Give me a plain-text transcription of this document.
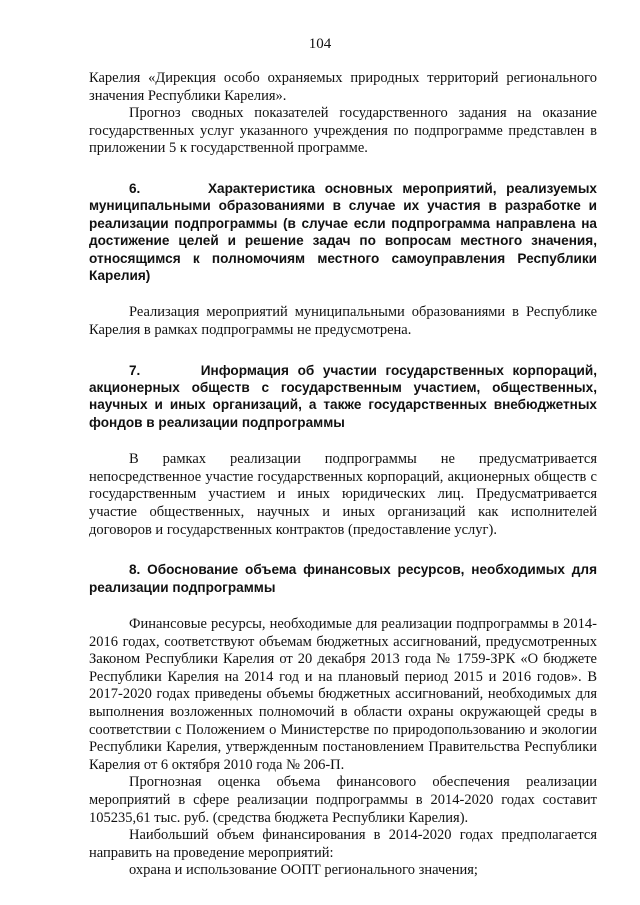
104

Карелия «Дирекция особо охраняемых природных территорий регионального значения Республики Карелия».

Прогноз сводных показателей государственного задания на оказание государственных услуг указанного учреждения по подпрограмме представлен в приложении 5 к государственной программе.

6.       Характеристика основных мероприятий, реализуемых муниципальными образованиями в случае их участия в разработке и реализации подпрограммы (в случае если подпрограмма направлена на достижение целей и решение задач по вопросам местного значения, относящимся к полномочиям местного самоуправления Республики Карелия)

Реализация мероприятий муниципальными образованиями в Республике Карелия в рамках подпрограммы не предусмотрена.

7.       Информация об участии государственных корпораций, акционерных обществ с государственным участием, общественных, научных и иных организаций, а также государственных внебюджетных фондов в реализации подпрограммы

В рамках реализации подпрограммы не предусматривается непосредственное участие государственных корпораций, акционерных обществ с государственным участием и иных юридических лиц. Предусматривается участие общественных, научных и иных организаций как исполнителей договоров и государственных контрактов (предоставление услуг).

8. Обоснование объема финансовых ресурсов, необходимых для реализации подпрограммы

Финансовые ресурсы, необходимые для реализации подпрограммы в 2014-2016 годах, соответствуют объемам бюджетных ассигнований, предусмотренных Законом Республики Карелия от 20 декабря 2013 года № 1759-ЗРК «О бюджете Республики Карелия на 2014 год и на плановый период 2015 и 2016 годов». В 2017-2020 годах приведены объемы бюджетных ассигнований, необходимых для выполнения возложенных полномочий в области охраны окружающей среды в соответствии с Положением о Министерстве по природопользованию и экологии Республики Карелия, утвержденным постановлением Правительства Республики Карелия от 6 октября 2010 года № 206-П.

Прогнозная оценка объема финансового обеспечения реализации мероприятий в сфере реализации подпрограммы в 2014-2020 годах составит 105235,61 тыс. руб. (средства бюджета Республики Карелия).

Наибольший объем финансирования в 2014-2020 годах предполагается направить на проведение мероприятий:

охрана и использование ООПТ регионального значения;
